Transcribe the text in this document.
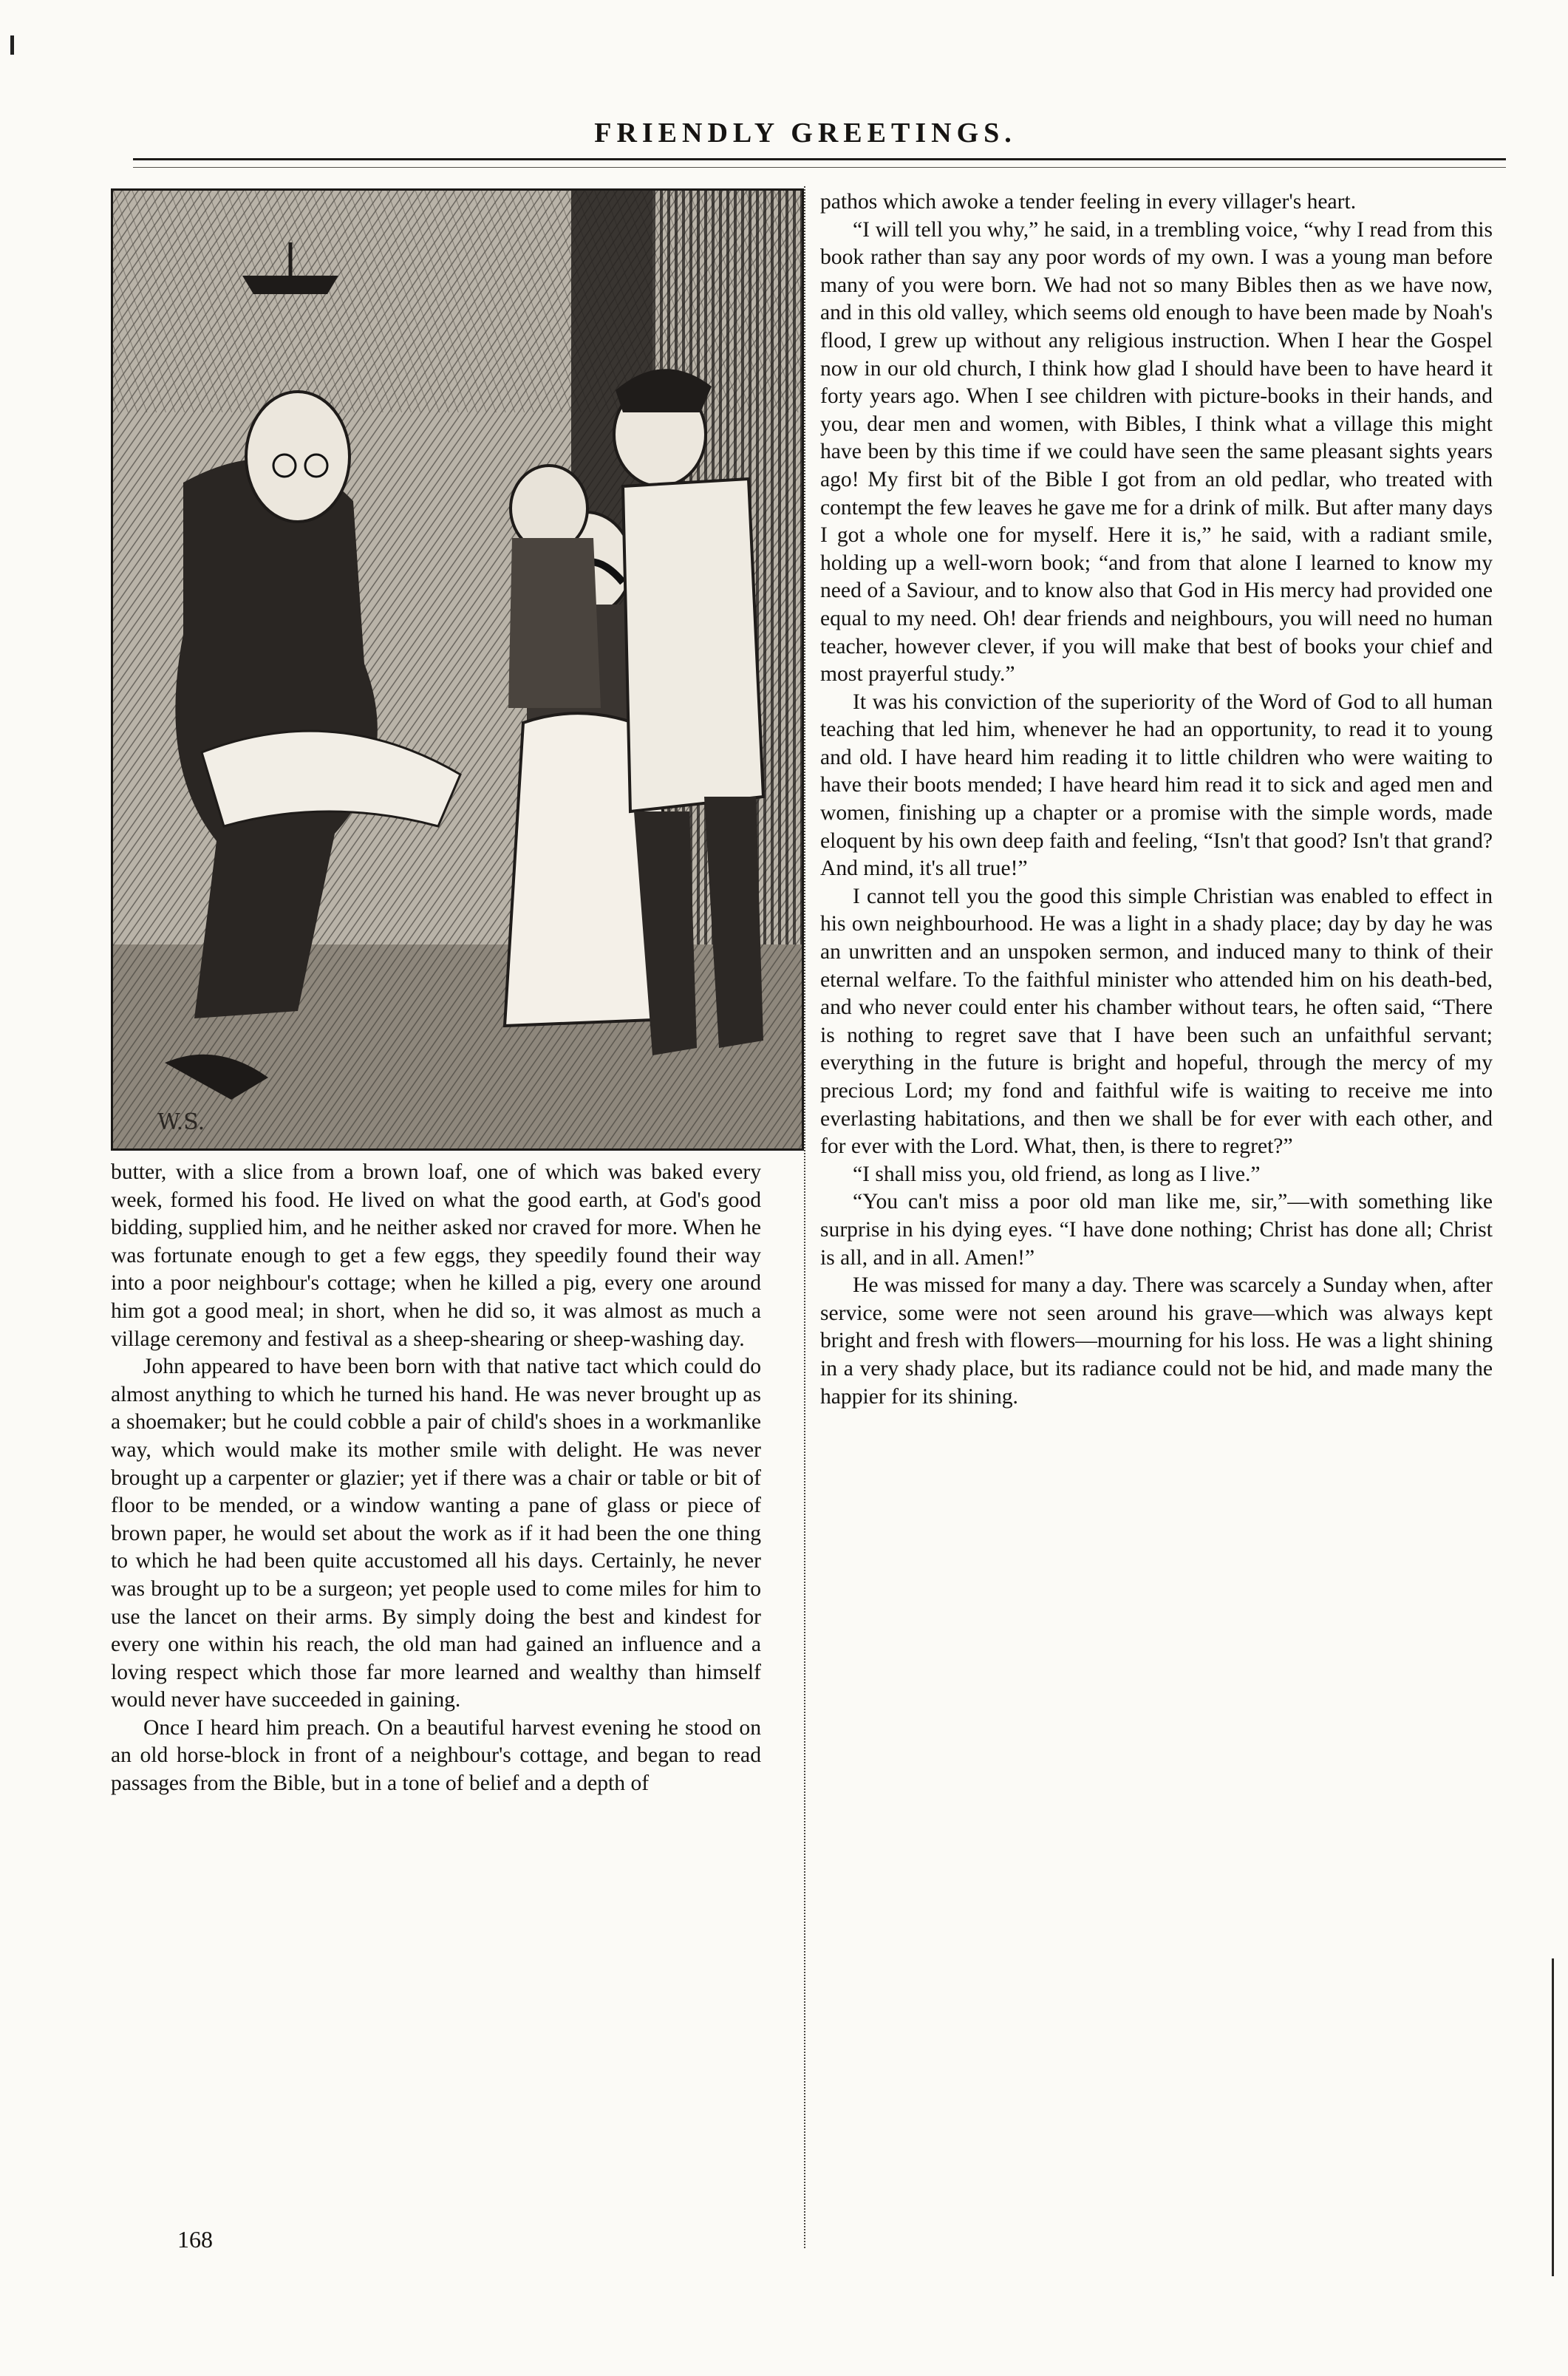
FRIENDLY GREETINGS.
W.S.

butter, with a slice from a brown loaf, one of which was baked every week, formed his food. He lived on what the good earth, at God's good bidding, supplied him, and he neither asked nor craved for more. When he was fortunate enough to get a few eggs, they speedily found their way into a poor neighbour's cottage; when he killed a pig, every one around him got a good meal; in short, when he did so, it was almost as much a village ceremony and festival as a sheep-shearing or sheep-washing day.

John appeared to have been born with that native tact which could do almost anything to which he turned his hand. He was never brought up as a shoemaker; but he could cobble a pair of child's shoes in a workmanlike way, which would make its mother smile with delight. He was never brought up a carpenter or glazier; yet if there was a chair or table or bit of floor to be mended, or a window wanting a pane of glass or piece of brown paper, he would set about the work as if it had been the one thing to which he had been quite accustomed all his days. Certainly, he never was brought up to be a surgeon; yet people used to come miles for him to use the lancet on their arms. By simply doing the best and kindest for every one within his reach, the old man had gained an influence and a loving respect which those far more learned and wealthy than himself would never have succeeded in gaining.

Once I heard him preach. On a beautiful harvest evening he stood on an old horse-block in front of a neighbour's cottage, and began to read passages from the Bible, but in a tone of belief and a depth of

pathos which awoke a tender feeling in every villager's heart.

“I will tell you why,” he said, in a trembling voice, “why I read from this book rather than say any poor words of my own. I was a young man before many of you were born. We had not so many Bibles then as we have now, and in this old valley, which seems old enough to have been made by Noah's flood, I grew up without any religious instruction. When I hear the Gospel now in our old church, I think how glad I should have been to have heard it forty years ago. When I see children with picture-books in their hands, and you, dear men and women, with Bibles, I think what a village this might have been by this time if we could have seen the same pleasant sights years ago! My first bit of the Bible I got from an old pedlar, who treated with contempt the few leaves he gave me for a drink of milk. But after many days I got a whole one for myself. Here it is,” he said, with a radiant smile, holding up a well-worn book; “and from that alone I learned to know my need of a Saviour, and to know also that God in His mercy had provided one equal to my need. Oh! dear friends and neighbours, you will need no human teacher, however clever, if you will make that best of books your chief and most prayerful study.”

It was his conviction of the superiority of the Word of God to all human teaching that led him, whenever he had an opportunity, to read it to young and old. I have heard him reading it to little children who were waiting to have their boots mended; I have heard him read it to sick and aged men and women, finishing up a chapter or a promise with the simple words, made eloquent by his own deep faith and feeling, “Isn't that good? Isn't that grand? And mind, it's all true!”

I cannot tell you the good this simple Christian was enabled to effect in his own neighbourhood. He was a light in a shady place; day by day he was an unwritten and an unspoken sermon, and induced many to think of their eternal welfare. To the faithful minister who attended him on his death-bed, and who never could enter his chamber without tears, he often said, “There is nothing to regret save that I have been such an unfaithful servant; everything in the future is bright and hopeful, through the mercy of my precious Lord; my fond and faithful wife is waiting to receive me into everlasting habitations, and then we shall be for ever with each other, and for ever with the Lord. What, then, is there to regret?”

“I shall miss you, old friend, as long as I live.”

“You can't miss a poor old man like me, sir,”—with something like surprise in his dying eyes. “I have done nothing; Christ has done all; Christ is all, and in all. Amen!”

He was missed for many a day. There was scarcely a Sunday when, after service, some were not seen around his grave—which was always kept bright and fresh with flowers—mourning for his loss. He was a light shining in a very shady place, but its radiance could not be hid, and made many the happier for its shining.

168
